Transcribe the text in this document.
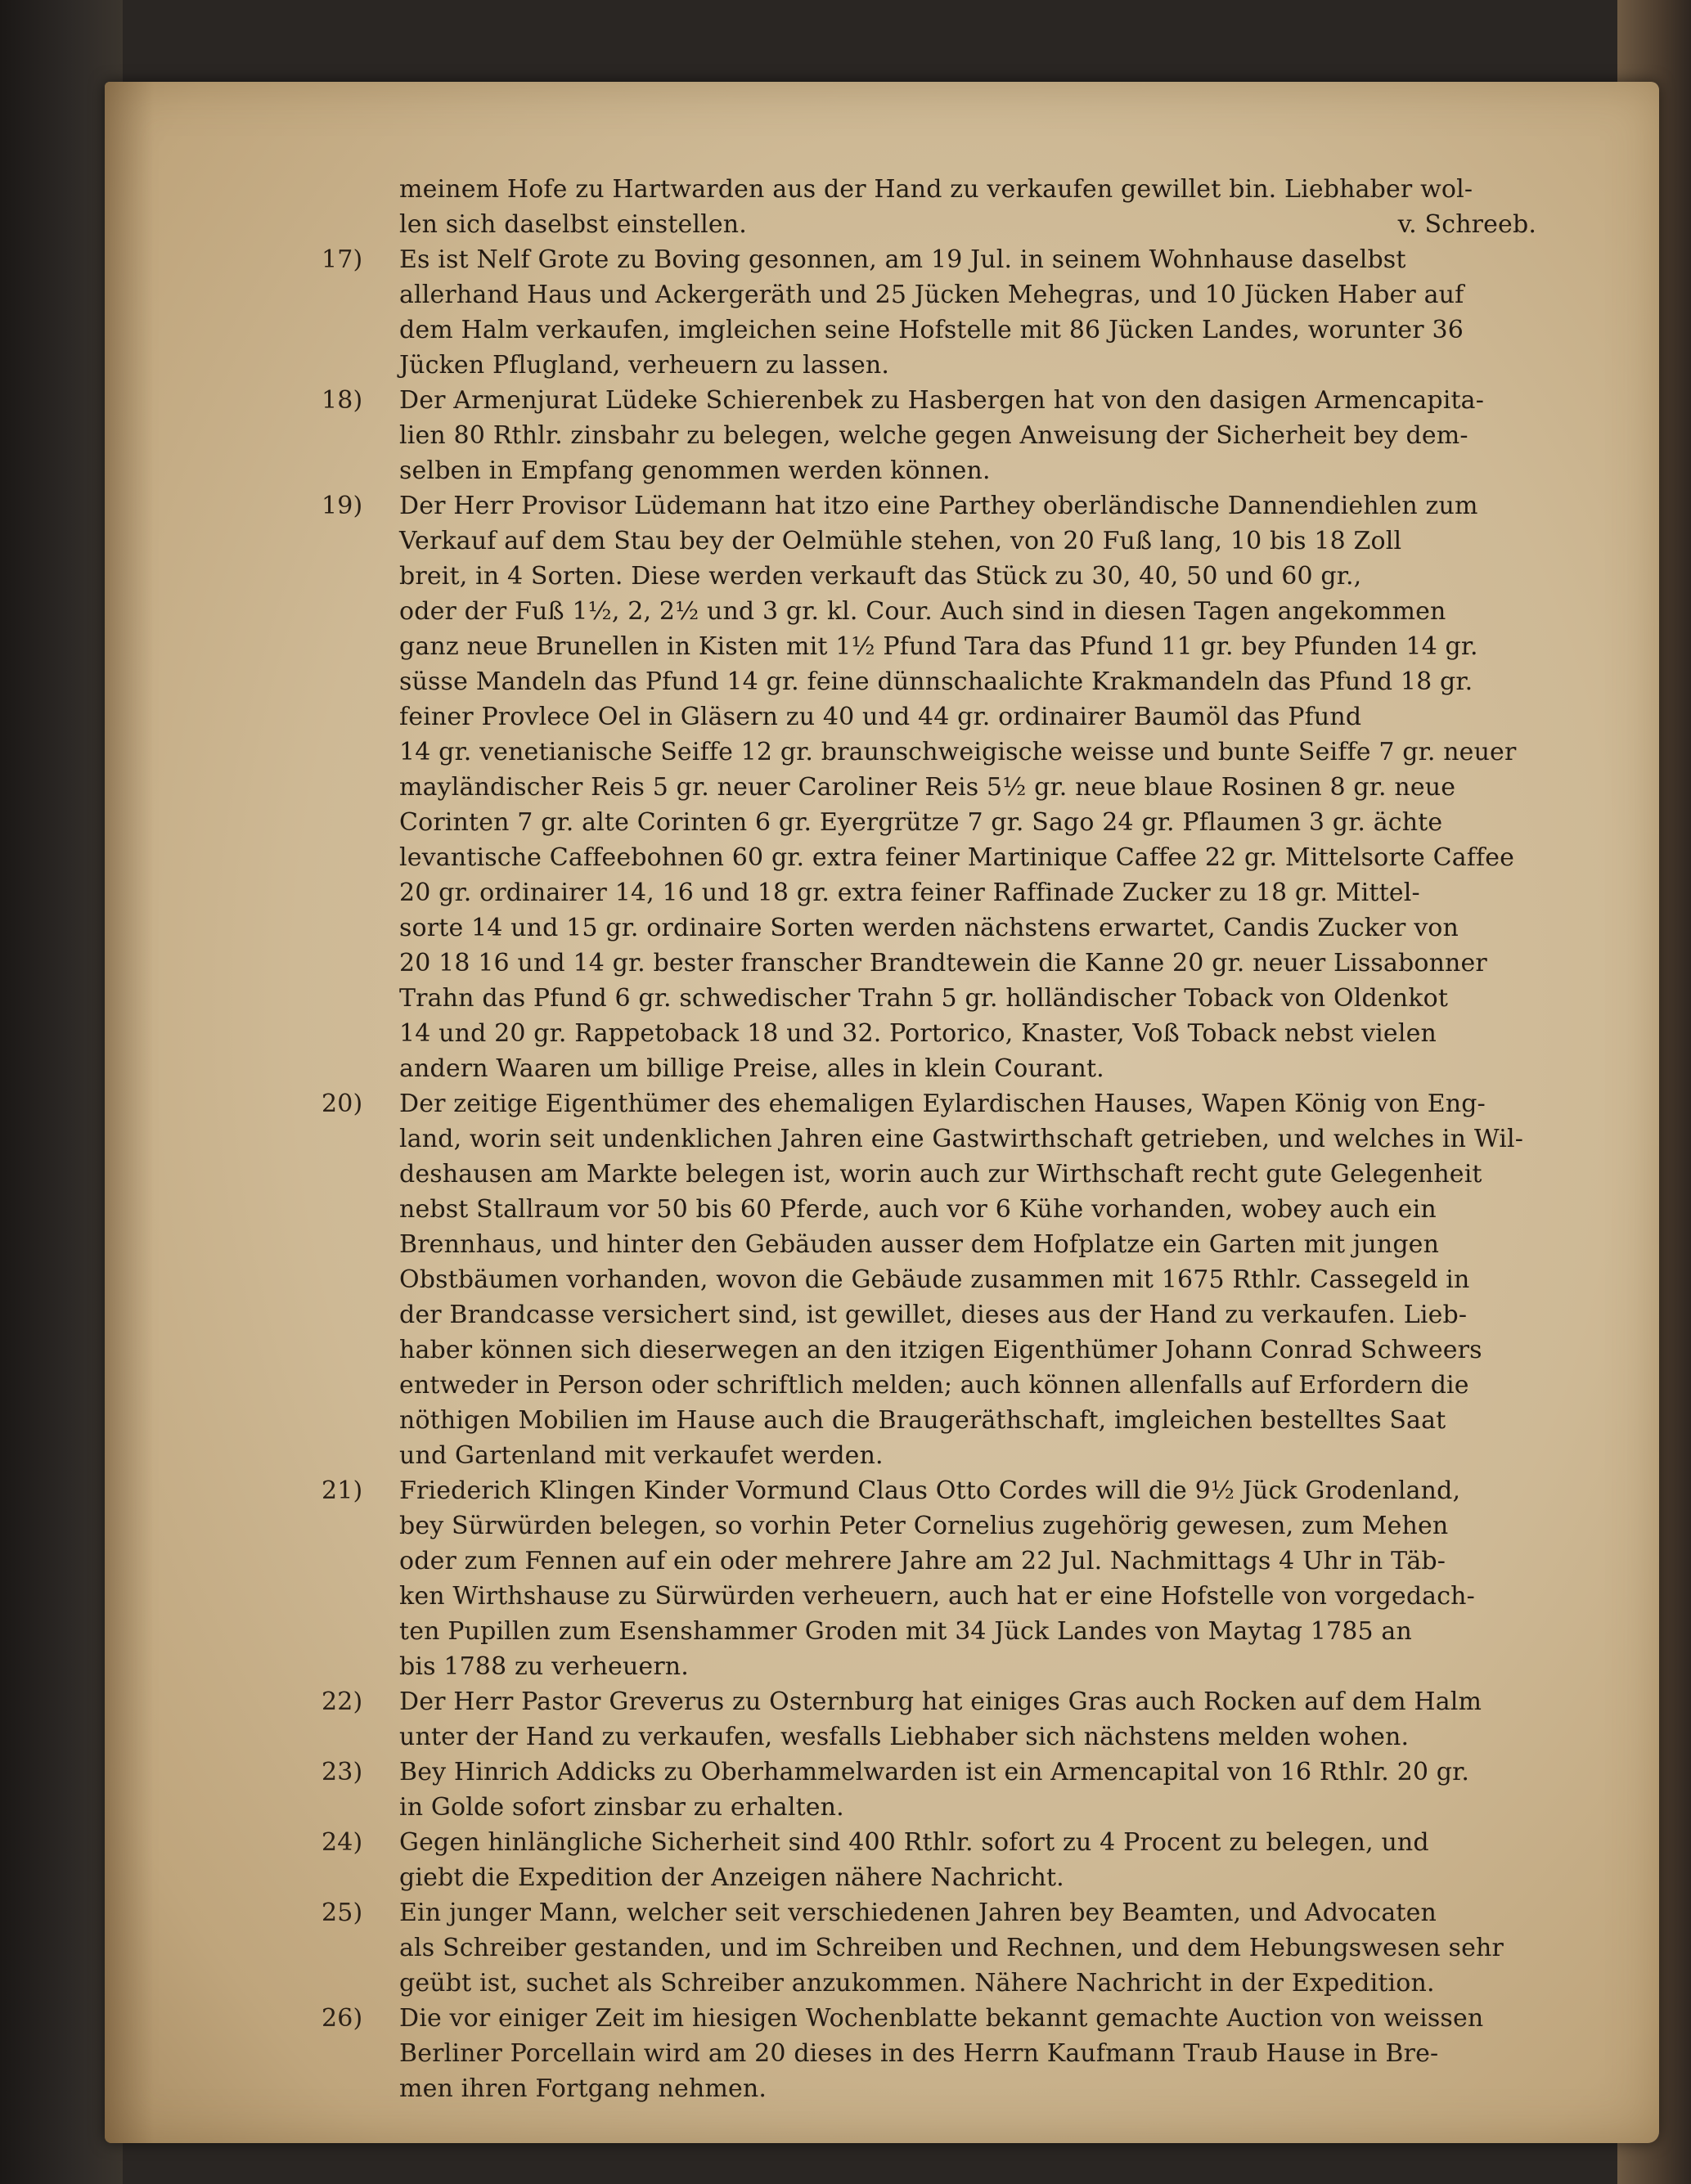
meinem Hofe zu Hartwarden aus der Hand zu verkaufen gewillet bin. Liebhaber wol-
len sich daselbst einstellen.	v. Schreeb.
17)	Es ist Nelf Grote zu Boving gesonnen, am 19 Jul. in seinem Wohnhause daselbst
allerhand Haus und Ackergeräth und 25 Jücken Mehegras, und 10 Jücken Haber auf
dem Halm verkaufen, imgleichen seine Hofstelle mit 86 Jücken Landes, worunter 36
Jücken Pflugland, verheuern zu lassen.
18)	Der Armenjurat Lüdeke Schierenbek zu Hasbergen hat von den dasigen Armencapita-
lien 80 Rthlr. zinsbahr zu belegen, welche gegen Anweisung der Sicherheit bey dem-
selben in Empfang genommen werden können.
19)	Der Herr Provisor Lüdemann hat itzo eine Parthey oberländische Dannendiehlen zum
Verkauf auf dem Stau bey der Oelmühle stehen, von 20 Fuß lang, 10 bis 18 Zoll
breit, in 4 Sorten. Diese werden verkauft das Stück zu 30, 40, 50 und 60 gr.,
oder der Fuß 1½, 2, 2½ und 3 gr. kl. Cour. Auch sind in diesen Tagen angekommen
ganz neue Brunellen in Kisten mit 1½ Pfund Tara das Pfund 11 gr. bey Pfunden 14 gr.
süsse Mandeln das Pfund 14 gr. feine dünnschaalichte Krakmandeln das Pfund 18 gr.
feiner Provlece Oel in Gläsern zu 40 und 44 gr. ordinairer Baumöl das Pfund
14 gr. venetianische Seiffe 12 gr. braunschweigische weisse und bunte Seiffe 7 gr. neuer
mayländischer Reis 5 gr. neuer Caroliner Reis 5½ gr. neue blaue Rosinen 8 gr. neue
Corinten 7 gr. alte Corinten 6 gr. Eyergrütze 7 gr. Sago 24 gr. Pflaumen 3 gr. ächte
levantische Caffeebohnen 60 gr. extra feiner Martinique Caffee 22 gr. Mittelsorte Caffee
20 gr. ordinairer 14, 16 und 18 gr. extra feiner Raffinade Zucker zu 18 gr. Mittel-
sorte 14 und 15 gr. ordinaire Sorten werden nächstens erwartet, Candis Zucker von
20 18 16 und 14 gr. bester franscher Brandtewein die Kanne 20 gr. neuer Lissabonner
Trahn das Pfund 6 gr. schwedischer Trahn 5 gr. holländischer Toback von Oldenkot
14 und 20 gr. Rappetoback 18 und 32. Portorico, Knaster, Voß Toback nebst vielen
andern Waaren um billige Preise, alles in klein Courant.
20)	Der zeitige Eigenthümer des ehemaligen Eylardischen Hauses, Wapen König von Eng-
land, worin seit undenklichen Jahren eine Gastwirthschaft getrieben, und welches in Wil-
deshausen am Markte belegen ist, worin auch zur Wirthschaft recht gute Gelegenheit
nebst Stallraum vor 50 bis 60 Pferde, auch vor 6 Kühe vorhanden, wobey auch ein
Brennhaus, und hinter den Gebäuden ausser dem Hofplatze ein Garten mit jungen
Obstbäumen vorhanden, wovon die Gebäude zusammen mit 1675 Rthlr. Cassegeld in
der Brandcasse versichert sind, ist gewillet, dieses aus der Hand zu verkaufen. Lieb-
haber können sich dieserwegen an den itzigen Eigenthümer Johann Conrad Schweers
entweder in Person oder schriftlich melden; auch können allenfalls auf Erfordern die
nöthigen Mobilien im Hause auch die Braugeräthschaft, imgleichen bestelltes Saat
und Gartenland mit verkaufet werden.
21)	Friederich Klingen Kinder Vormund Claus Otto Cordes will die 9½ Jück Grodenland,
bey Sürwürden belegen, so vorhin Peter Cornelius zugehörig gewesen, zum Mehen
oder zum Fennen auf ein oder mehrere Jahre am 22 Jul. Nachmittags 4 Uhr in Täb-
ken Wirthshause zu Sürwürden verheuern, auch hat er eine Hofstelle von vorgedach-
ten Pupillen zum Esenshammer Groden mit 34 Jück Landes von Maytag 1785 an
bis 1788 zu verheuern.
22)	Der Herr Pastor Greverus zu Osternburg hat einiges Gras auch Rocken auf dem Halm
unter der Hand zu verkaufen, wesfalls Liebhaber sich nächstens melden wohen.
23)	Bey Hinrich Addicks zu Oberhammelwarden ist ein Armencapital von 16 Rthlr. 20 gr.
in Golde sofort zinsbar zu erhalten.
24)	Gegen hinlängliche Sicherheit sind 400 Rthlr. sofort zu 4 Procent zu belegen, und
giebt die Expedition der Anzeigen nähere Nachricht.
25)	Ein junger Mann, welcher seit verschiedenen Jahren bey Beamten, und Advocaten
als Schreiber gestanden, und im Schreiben und Rechnen, und dem Hebungswesen sehr
geübt ist, suchet als Schreiber anzukommen. Nähere Nachricht in der Expedition.
26)	Die vor einiger Zeit im hiesigen Wochenblatte bekannt gemachte Auction von weissen
Berliner Porcellain wird am 20 dieses in des Herrn Kaufmann Traub Hause in Bre-
men ihren Fortgang nehmen.
